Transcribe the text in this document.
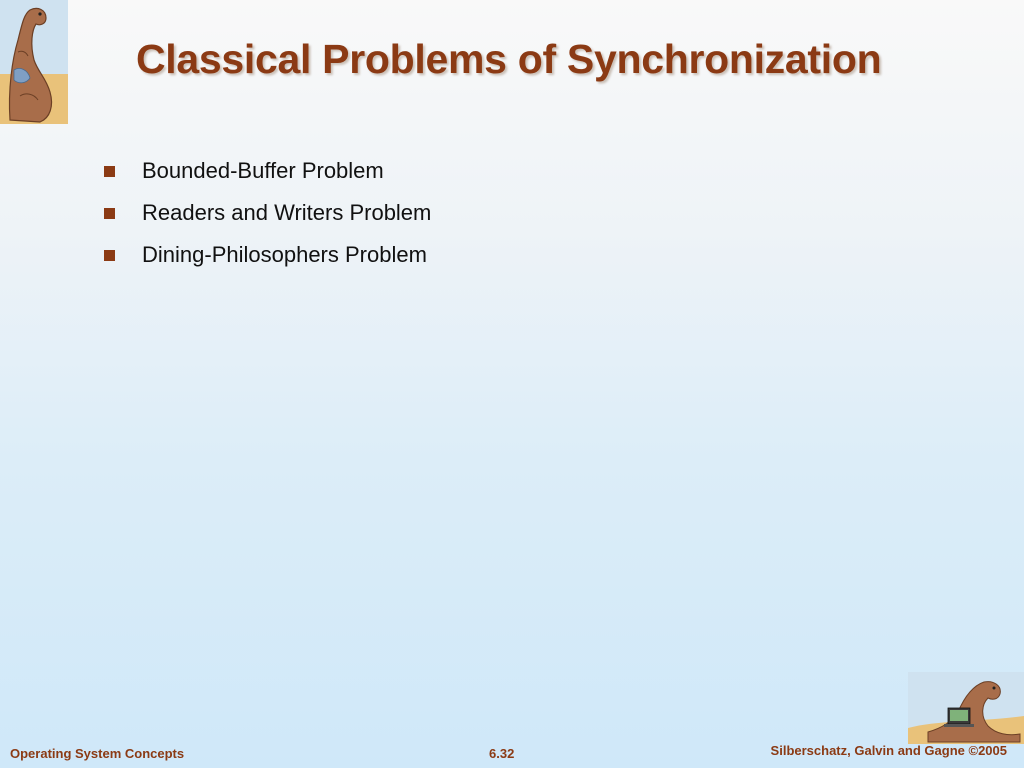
Classical Problems of Synchronization
Bounded-Buffer Problem
Readers and Writers Problem
Dining-Philosophers Problem
Operating System Concepts	6.32	Silberschatz, Galvin and Gagne ©2005
